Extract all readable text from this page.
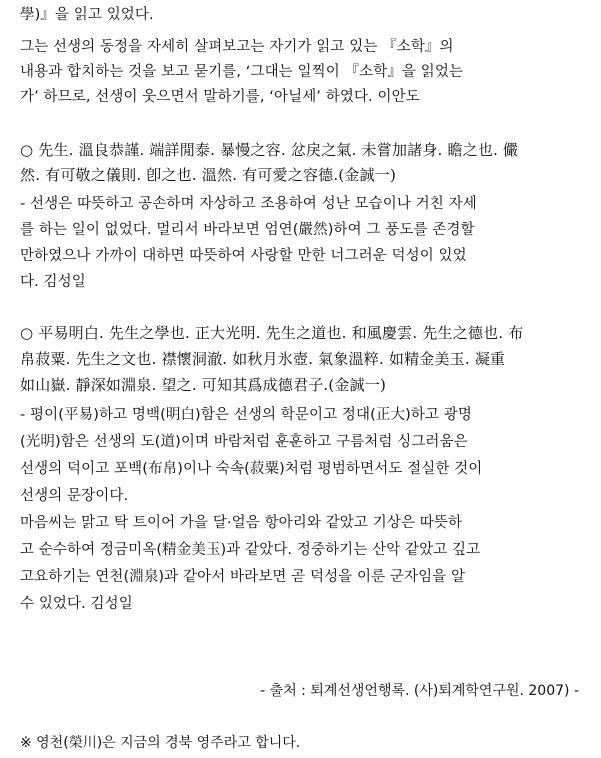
學)』을 읽고 있었다.
그는 선생의 동정을 자세히 살펴보고는 자기가 읽고 있는 『소학』의
내용과 합치하는 것을 보고 묻기를, ‘그대는 일찍이 『소학』을 읽었는
가’ 하므로, 선생이 웃으면서 말하기를, ‘아닐세’ 하였다. 이안도
○ 先生. 溫良恭謹. 端詳閒泰. 暴慢之容. 忿戾之氣. 未嘗加諸身. 瞻之也. 儼
然. 有可敬之儀則. 卽之也. 溫然. 有可愛之容德.(金誠一)
- 선생은 따뜻하고 공손하며 자상하고 조용하여 성난 모습이나 거친 자세
를 하는 일이 없었다. 멀리서 바라보면 엄연(嚴然)하여 그 풍도를 존경할
만하였으나 가까이 대하면 따뜻하여 사랑할 만한 너그러운 덕성이 있었
다. 김성일
○ 平易明白. 先生之學也. 正大光明. 先生之道也. 和風慶雲. 先生之德也. 布
帛菽粟. 先生之文也. 襟懷洞澈. 如秋月氷壺. 氣象溫粹. 如精金美玉. 凝重
如山嶽. 靜深如淵泉. 望之. 可知其爲成德君子.(金誠一)
- 평이(平易)하고 명백(明白)함은 선생의 학문이고 정대(正大)하고 광명
(光明)함은 선생의 도(道)이며 바람처럼 훈훈하고 구름처럼 싱그러움은
선생의 덕이고 포백(布帛)이나 숙속(菽粟)처럼 평범하면서도 절실한 것이
선생의 문장이다.
마음씨는 맑고 탁 트이어 가을 달·얼음 항아리와 같았고 기상은 따뜻하
고 순수하여 정금미옥(精金美玉)과 같았다. 정중하기는 산악 같았고 깊고
고요하기는 연천(淵泉)과 같아서 바라보면 곧 덕성을 이룬 군자임을 알
수 있었다. 김성일
- 출처 : 퇴계선생언행록. (사)퇴계학연구원. 2007) -
※ 영천(榮川)은 지금의 경북 영주라고 합니다.
